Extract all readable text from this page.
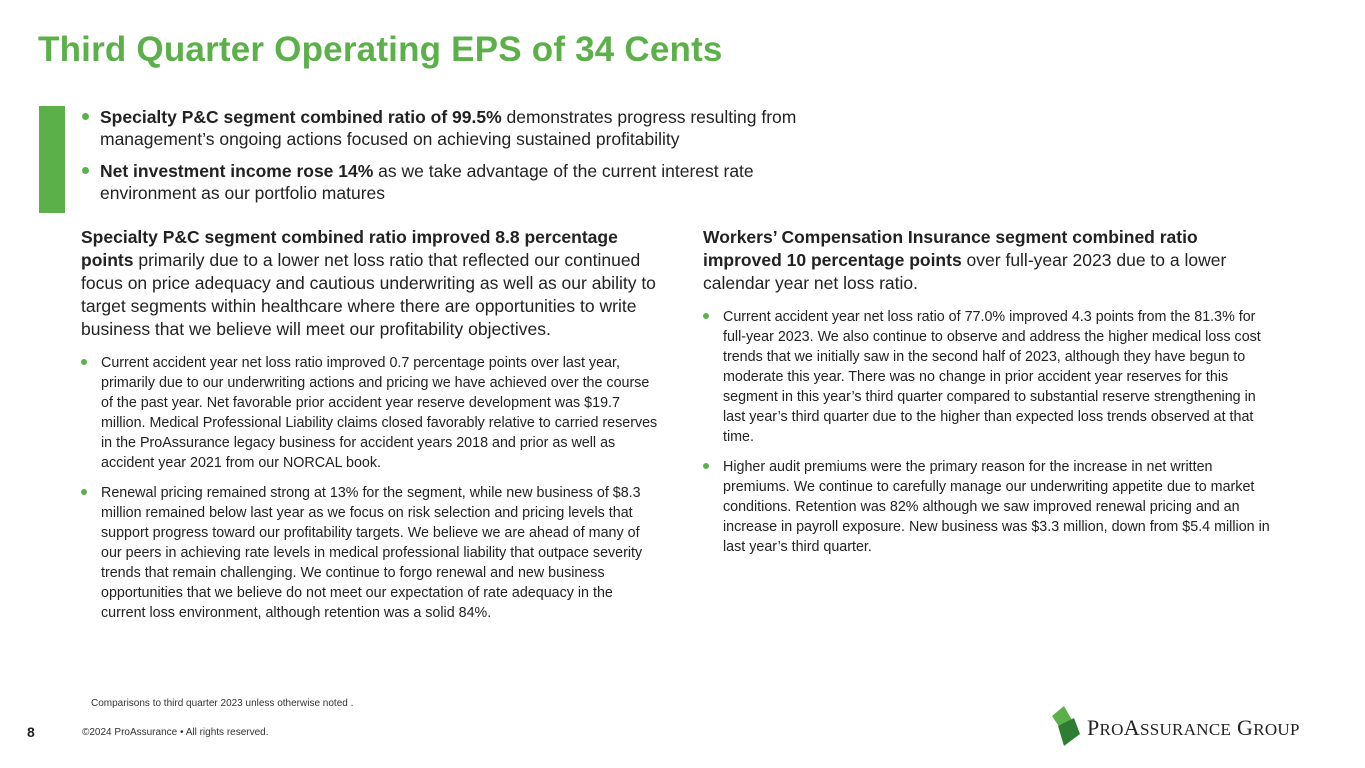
Third Quarter Operating EPS of 34 Cents
Specialty P&C segment combined ratio of 99.5% demonstrates progress resulting from management’s ongoing actions focused on achieving sustained profitability
Net investment income rose 14% as we take advantage of the current interest rate environment as our portfolio matures
Specialty P&C segment combined ratio improved 8.8 percentage points primarily due to a lower net loss ratio that reflected our continued focus on price adequacy and cautious underwriting as well as our ability to target segments within healthcare where there are opportunities to write business that we believe will meet our profitability objectives.
Current accident year net loss ratio improved 0.7 percentage points over last year, primarily due to our underwriting actions and pricing we have achieved over the course of the past year. Net favorable prior accident year reserve development was $19.7 million. Medical Professional Liability claims closed favorably relative to carried reserves in the ProAssurance legacy business for accident years 2018 and prior as well as accident year 2021 from our NORCAL book.
Renewal pricing remained strong at 13% for the segment, while new business of $8.3 million remained below last year as we focus on risk selection and pricing levels that support progress toward our profitability targets. We believe we are ahead of many of our peers in achieving rate levels in medical professional liability that outpace severity trends that remain challenging. We continue to forgo renewal and new business opportunities that we believe do not meet our expectation of rate adequacy in the current loss environment, although retention was a solid 84%.
Workers’ Compensation Insurance segment combined ratio improved 10 percentage points over full-year 2023 due to a lower calendar year net loss ratio.
Current accident year net loss ratio of 77.0% improved 4.3 points from the 81.3% for full-year 2023. We also continue to observe and address the higher medical loss cost trends that we initially saw in the second half of 2023, although they have begun to moderate this year. There was no change in prior accident year reserves for this segment in this year’s third quarter compared to substantial reserve strengthening in last year’s third quarter due to the higher than expected loss trends observed at that time.
Higher audit premiums were the primary reason for the increase in net written premiums. We continue to carefully manage our underwriting appetite due to market conditions. Retention was 82% although we saw improved renewal pricing and an increase in payroll exposure. New business was $3.3 million, down from $5.4 million in last year’s third quarter.
Comparisons to third quarter 2023 unless otherwise noted .
8	©2024 ProAssurance • All rights reserved.	PROASSURANCE GROUP
